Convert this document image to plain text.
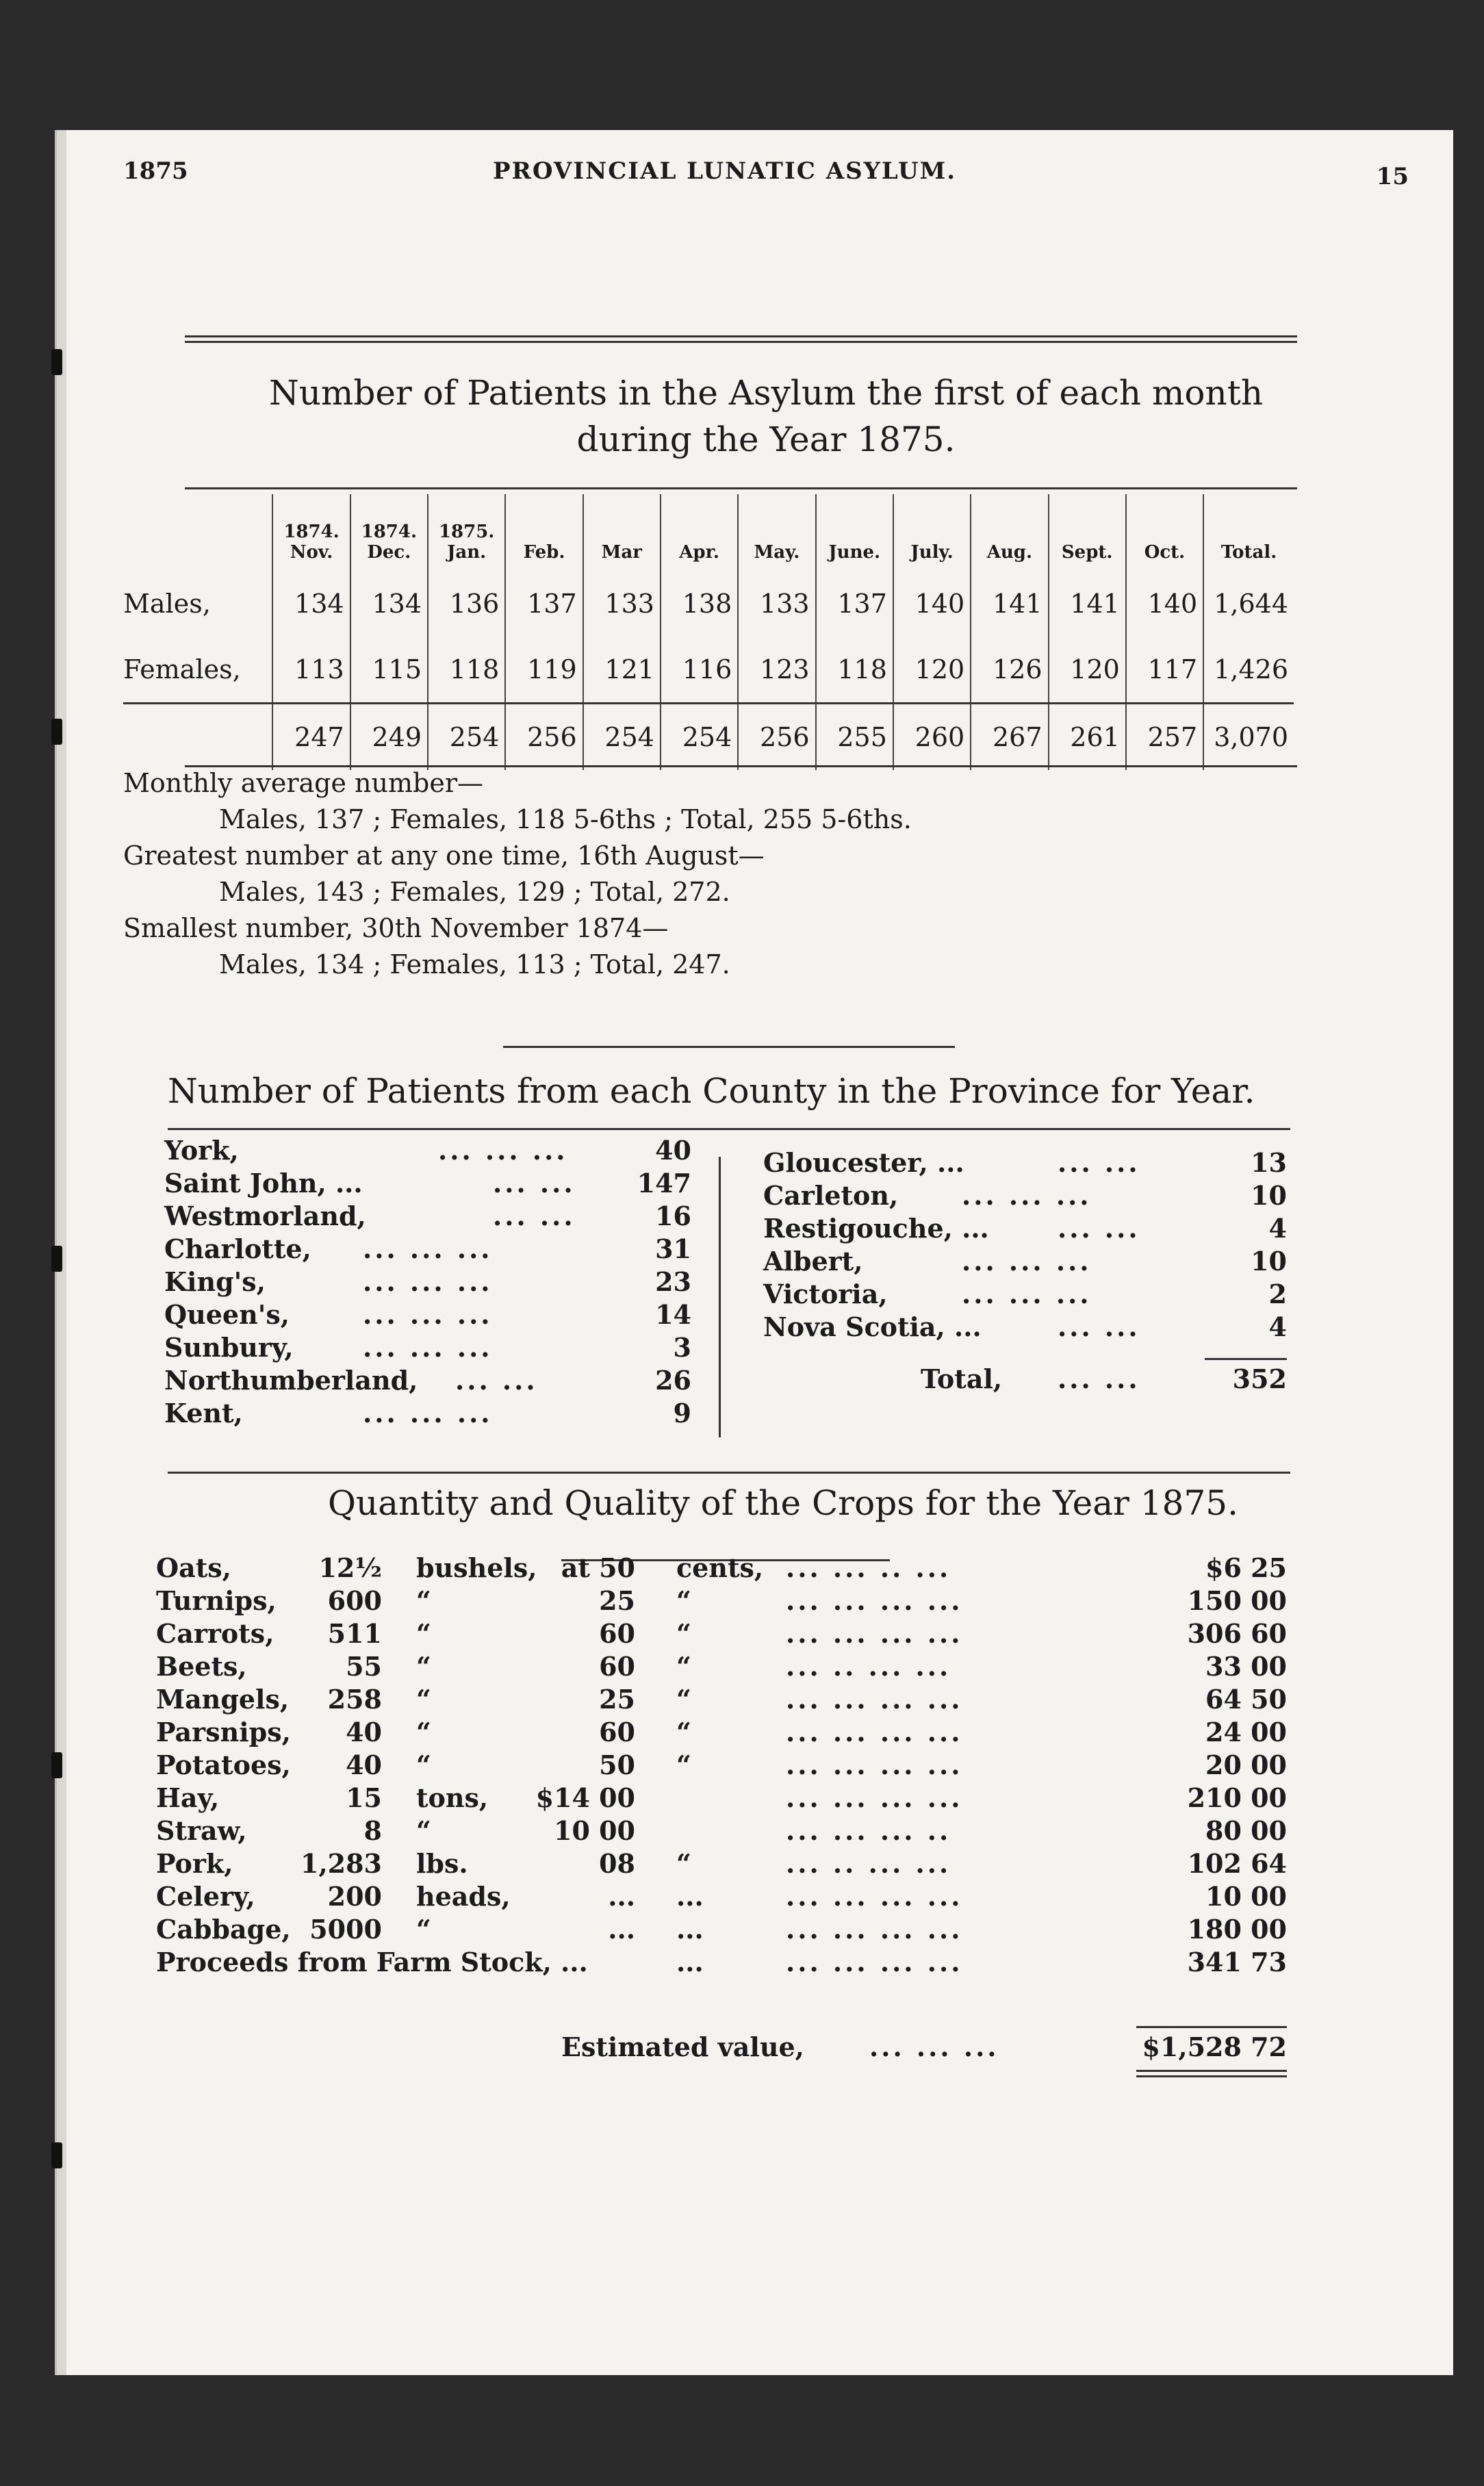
1875	PROVINCIAL LUNATIC ASYLUM.	15
Number of Patients in the Asylum the first of each month
during the Year 1875.
	1874. Nov.	1874. Dec.	1875. Jan.	Feb.	Mar	Apr.	May.	June.	July.	Aug.	Sept.	Oct.	Total.
Males,	134	134	136	137	133	138	133	137	140	141	141	140	1,644
Females,	113	115	118	119	121	116	123	118	120	126	120	117	1,426
	247	249	254	256	254	254	256	255	260	267	261	257	3,070
Monthly average number—
Males, 137 ; Females, 118 5-6ths ; Total, 255 5-6ths.
Greatest number at any one time, 16th August—
Males, 143 ; Females, 129 ; Total, 272.
Smallest number, 30th November 1874—
Males, 134 ; Females, 113 ; Total, 247.
Number of Patients from each County in the Province for Year.
York,	... ... ...	40
Saint John, ...	... ... 147
Westmorland,	... ...	16
Charlotte, ... ... ...	31
King's,	... ... ...	23
Queen's,	... ... ...	14
Sunbury,	... ... ...	3
Northumberland, ... ...	26
Kent,	... ... ...	9
Gloucester, ...	... ...	13
Carleton, ... ... ...	10
Restigouche, ...	... ...	4
Albert,	... ... ...	10
Victoria,	... ... ...	2
Nova Scotia, ...	... ...	4
Total, ... ...	352
Quantity and Quality of the Crops for the Year 1875.
Oats,	12½ bushels, at 50 cents, ... ... .. ...	$6 25
Turnips, 600 “	25 “	... ... ... ...	150 00
Carrots, 511 “	60 “	... ... ... ...	306 60
Beets,	55 “	60 “	... .. ... ...	33 00
Mangels, 258 “	25 “	... ... ... ...	64 50
Parsnips, 40 “	60 “	... ... ... ...	24 00
Potatoes, 40 “	50 “	... ... ... ...	20 00
Hay,	15 tons, $14 00	... ... ... ...	210 00
Straw,	8 “	10 00	... ... ... ..	80 00
Pork,	1,283 lbs.	08 “	... .. ... ...	102 64
Celery,	200 heads,	... ...	... ... ... ...	10 00
Cabbage, 5000 “	... ...	... ... ... ...	180 00
Proceeds from Farm Stock, ...	...	... ... ... ...	341 73
Estimated value,	... ... ...	$1,528 72
